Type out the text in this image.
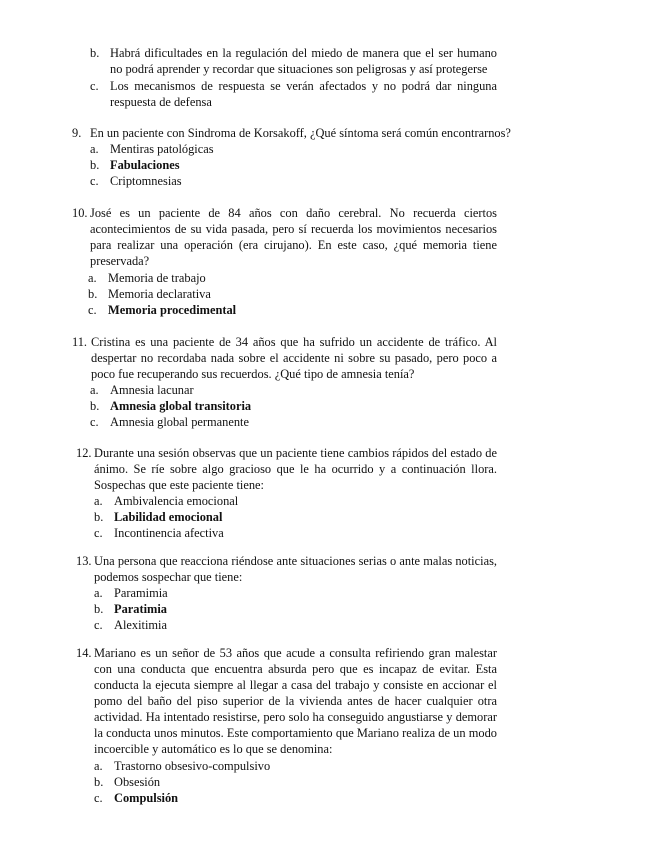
b. Habrá dificultades en la regulación del miedo de manera que el ser humano no podrá aprender y recordar que situaciones son peligrosas y así protegerse
c. Los mecanismos de respuesta se verán afectados y no podrá dar ninguna respuesta de defensa
9. En un paciente con Sindroma de Korsakoff, ¿Qué síntoma será común encontrarnos?
a. Mentiras patológicas
b. Fabulaciones
c. Criptomnesias
10. José es un paciente de 84 años con daño cerebral. No recuerda ciertos acontecimientos de su vida pasada, pero sí recuerda los movimientos necesarios para realizar una operación (era cirujano). En este caso, ¿qué memoria tiene preservada?
a. Memoria de trabajo
b. Memoria declarativa
c. Memoria procedimental
11. Cristina es una paciente de 34 años que ha sufrido un accidente de tráfico. Al despertar no recordaba nada sobre el accidente ni sobre su pasado, pero poco a poco fue recuperando sus recuerdos. ¿Qué tipo de amnesia tenía?
a. Amnesia lacunar
b. Amnesia global transitoria
c. Amnesia global permanente
12. Durante una sesión observas que un paciente tiene cambios rápidos del estado de ánimo. Se ríe sobre algo gracioso que le ha ocurrido y a continuación llora. Sospechas que este paciente tiene:
a. Ambivalencia emocional
b. Labilidad emocional
c. Incontinencia afectiva
13. Una persona que reacciona riéndose ante situaciones serias o ante malas noticias, podemos sospechar que tiene:
a. Paramimia
b. Paratimia
c. Alexitimia
14. Mariano es un señor de 53 años que acude a consulta refiriendo gran malestar con una conducta que encuentra absurda pero que es incapaz de evitar. Esta conducta la ejecuta siempre al llegar a casa del trabajo y consiste en accionar el pomo del baño del piso superior de la vivienda antes de hacer cualquier otra actividad. Ha intentado resistirse, pero solo ha conseguido angustiarse y demorar la conducta unos minutos. Este comportamiento que Mariano realiza de un modo incoercible y automático es lo que se denomina:
a. Trastorno obsesivo-compulsivo
b. Obsesión
c. Compulsión
